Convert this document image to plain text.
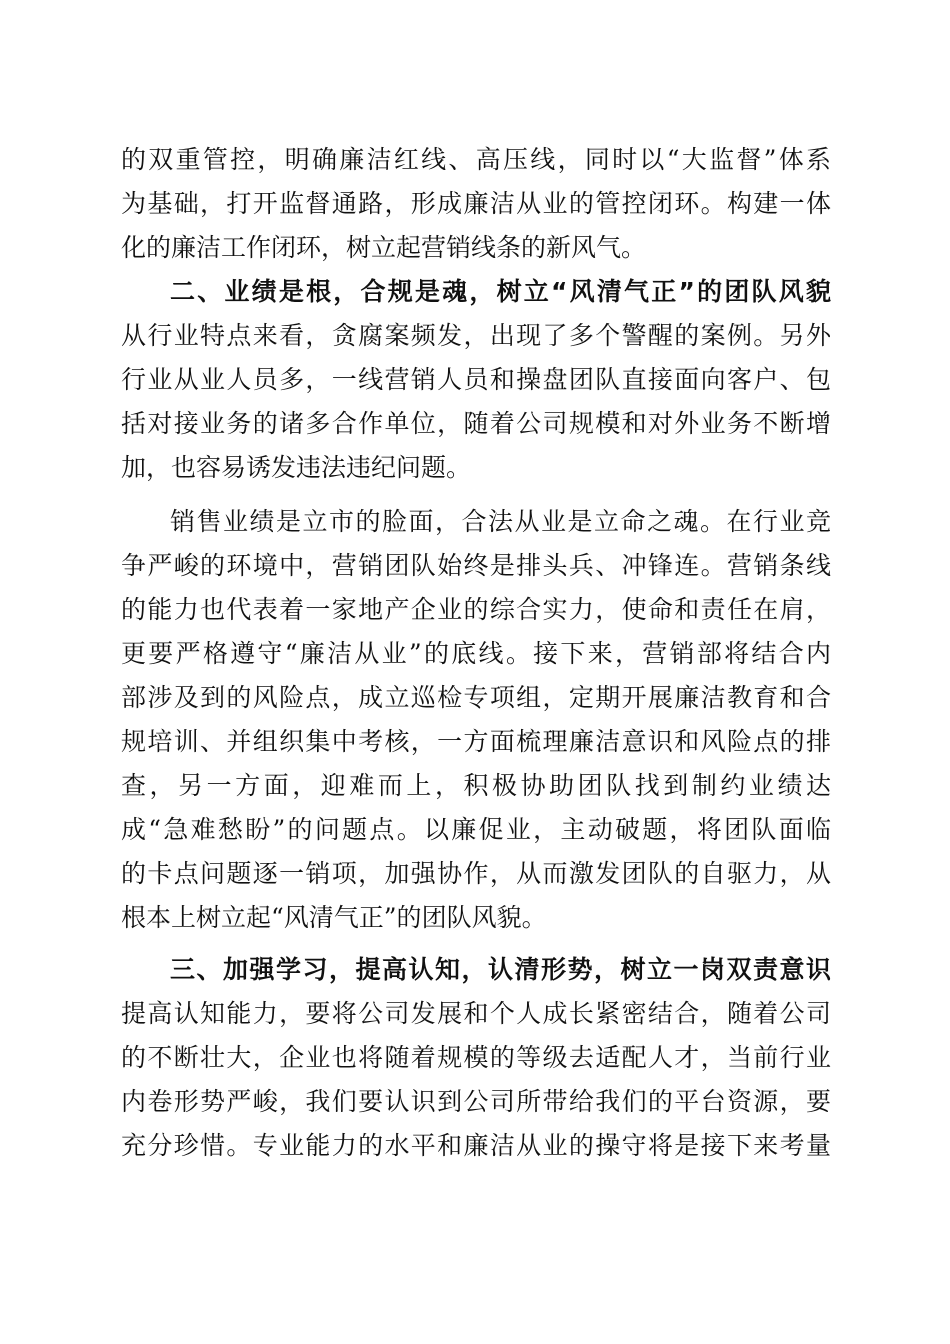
的双重管控，明确廉洁红线、高压线，同时以“大监督”体系
为基础，打开监督通路，形成廉洁从业的管控闭环。构建一体
化的廉洁工作闭环，树立起营销线条的新风气。
二、业绩是根，合规是魂，树立“风清气正”的团队风貌
从行业特点来看，贪腐案频发，出现了多个警醒的案例。另外
行业从业人员多，一线营销人员和操盘团队直接面向客户、包
括对接业务的诸多合作单位，随着公司规模和对外业务不断增
加，也容易诱发违法违纪问题。
销售业绩是立市的脸面，合法从业是立命之魂。在行业竞
争严峻的环境中，营销团队始终是排头兵、冲锋连。营销条线
的能力也代表着一家地产企业的综合实力，使命和责任在肩，
更要严格遵守“廉洁从业”的底线。接下来，营销部将结合内
部涉及到的风险点，成立巡检专项组，定期开展廉洁教育和合
规培训、并组织集中考核，一方面梳理廉洁意识和风险点的排
查，另一方面，迎难而上，积极协助团队找到制约业绩达
成“急难愁盼”的问题点。以廉促业，主动破题，将团队面临
的卡点问题逐一销项，加强协作，从而激发团队的自驱力，从
根本上树立起“风清气正”的团队风貌。
三、加强学习，提高认知，认清形势，树立一岗双责意识
提高认知能力，要将公司发展和个人成长紧密结合，随着公司
的不断壮大，企业也将随着规模的等级去适配人才，当前行业
内卷形势严峻，我们要认识到公司所带给我们的平台资源，要
充分珍惜。专业能力的水平和廉洁从业的操守将是接下来考量
